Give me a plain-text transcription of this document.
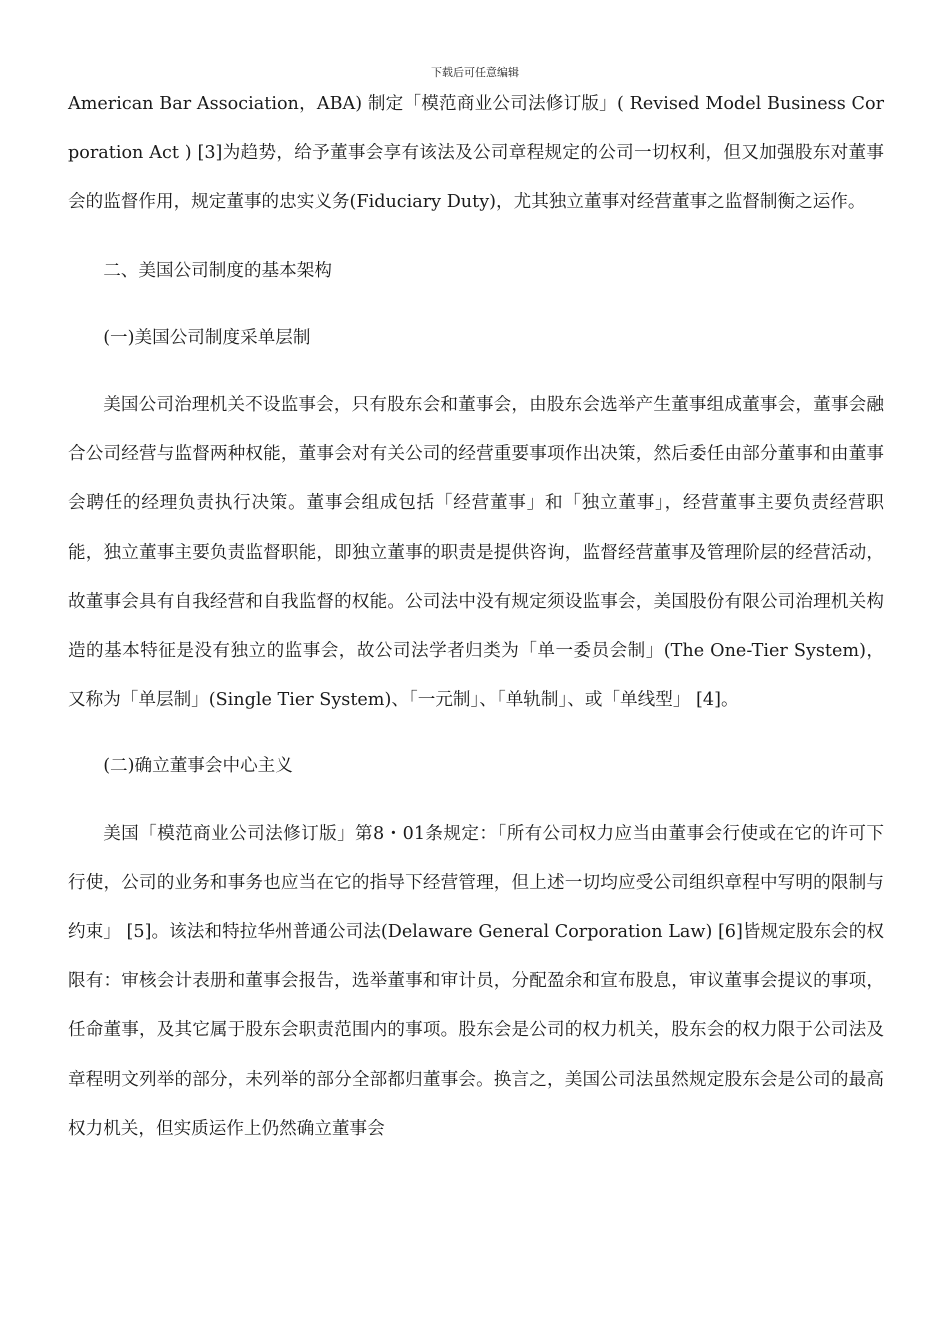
下载后可任意编辑

American Bar Association，ABA) 制定「模范商业公司法修订版」( Revised Model Business Corporation Act ) [3]为趋势，给予董事会享有该法及公司章程规定的公司一切权利，但又加强股东对董事会的监督作用，规定董事的忠实义务(Fiduciary Duty)，尤其独立董事对经营董事之监督制衡之运作。

二、美国公司制度的基本架构

(一)美国公司制度采单层制

美国公司治理机关不设监事会，只有股东会和董事会，由股东会选举产生董事组成董事会，董事会融合公司经营与监督两种权能，董事会对有关公司的经营重要事项作出决策，然后委任由部分董事和由董事会聘任的经理负责执行决策。董事会组成包括「经营董事」和「独立董事」，经营董事主要负责经营职能，独立董事主要负责监督职能，即独立董事的职责是提供咨询，监督经营董事及管理阶层的经营活动，故董事会具有自我经营和自我监督的权能。公司法中没有规定须设监事会，美国股份有限公司治理机关构造的基本特征是没有独立的监事会，故公司法学者归类为「单一委员会制」(The One-Tier System)，又称为「单层制」(Single Tier System)、「一元制」、「单轨制」、或「单线型」 [4]。

(二)确立董事会中心主义

美国「模范商业公司法修订版」第8・01条规定：「所有公司权力应当由董事会行使或在它的许可下行使，公司的业务和事务也应当在它的指导下经营管理，但上述一切均应受公司组织章程中写明的限制与约束」 [5]。该法和特拉华州普通公司法(Delaware General Corporation Law) [6]皆规定股东会的权限有：审核会计表册和董事会报告，选举董事和审计员，分配盈余和宣布股息，审议董事会提议的事项，任命董事，及其它属于股东会职责范围内的事项。股东会是公司的权力机关，股东会的权力限于公司法及章程明文列举的部分，未列举的部分全部都归董事会。换言之，美国公司法虽然规定股东会是公司的最高权力机关，但实质运作上仍然确立董事会
